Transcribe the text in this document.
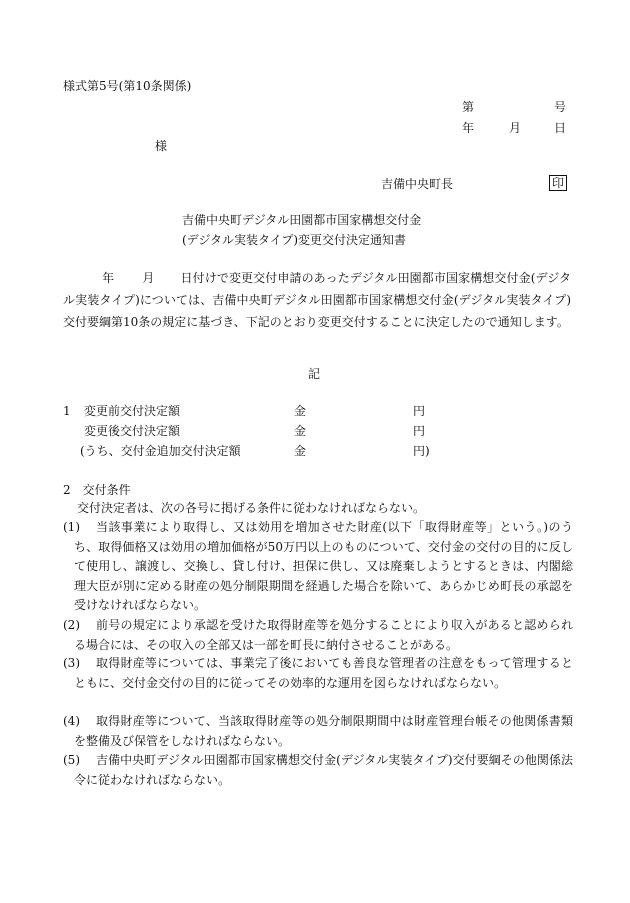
様式第5号(第10条関係)
第	号
年	月	日
様
吉備中央町長	印
吉備中央町デジタル田園都市国家構想交付金
(デジタル実装タイプ)変更交付決定通知書

年 月 日付けで変更交付申請のあったデジタル田園都市国家構想交付金(デジタル実装タイプ)については、吉備中央町デジタル田園都市国家構想交付金(デジタル実装タイプ)交付要綱第10条の規定に基づき、下記のとおり変更交付することに決定したので通知します。

記
1 変更前交付決定額	金	円
変更後交付決定額	金	円
(うち、交付金追加交付決定額	金	円)
2　交付条件
交付決定者は、次の各号に掲げる条件に従わなければならない。
(1)	当該事業により取得し、又は効用を増加させた財産(以下「取得財産等」という。)のうち、取得価格又は効用の増加価格が50万円以上のものについて、交付金の交付の目的に反して使用し、譲渡し、交換し、貸し付け、担保に供し、又は廃棄しようとするときは、内閣総理大臣が別に定める財産の処分制限期間を経過した場合を除いて、あらかじめ町長の承認を受けなければならない。
(2)	前号の規定により承認を受けた取得財産等を処分することにより収入があると認められる場合には、その収入の全部又は一部を町長に納付させることがある。
(3)	取得財産等については、事業完了後においても善良な管理者の注意をもって管理するとともに、交付金交付の目的に従ってその効率的な運用を図らなければならない。
(4)	取得財産等について、当該取得財産等の処分制限期間中は財産管理台帳その他関係書類を整備及び保管をしなければならない。
(5)	吉備中央町デジタル田園都市国家構想交付金(デジタル実装タイプ)交付要綱その他関係法令に従わなければならない。
